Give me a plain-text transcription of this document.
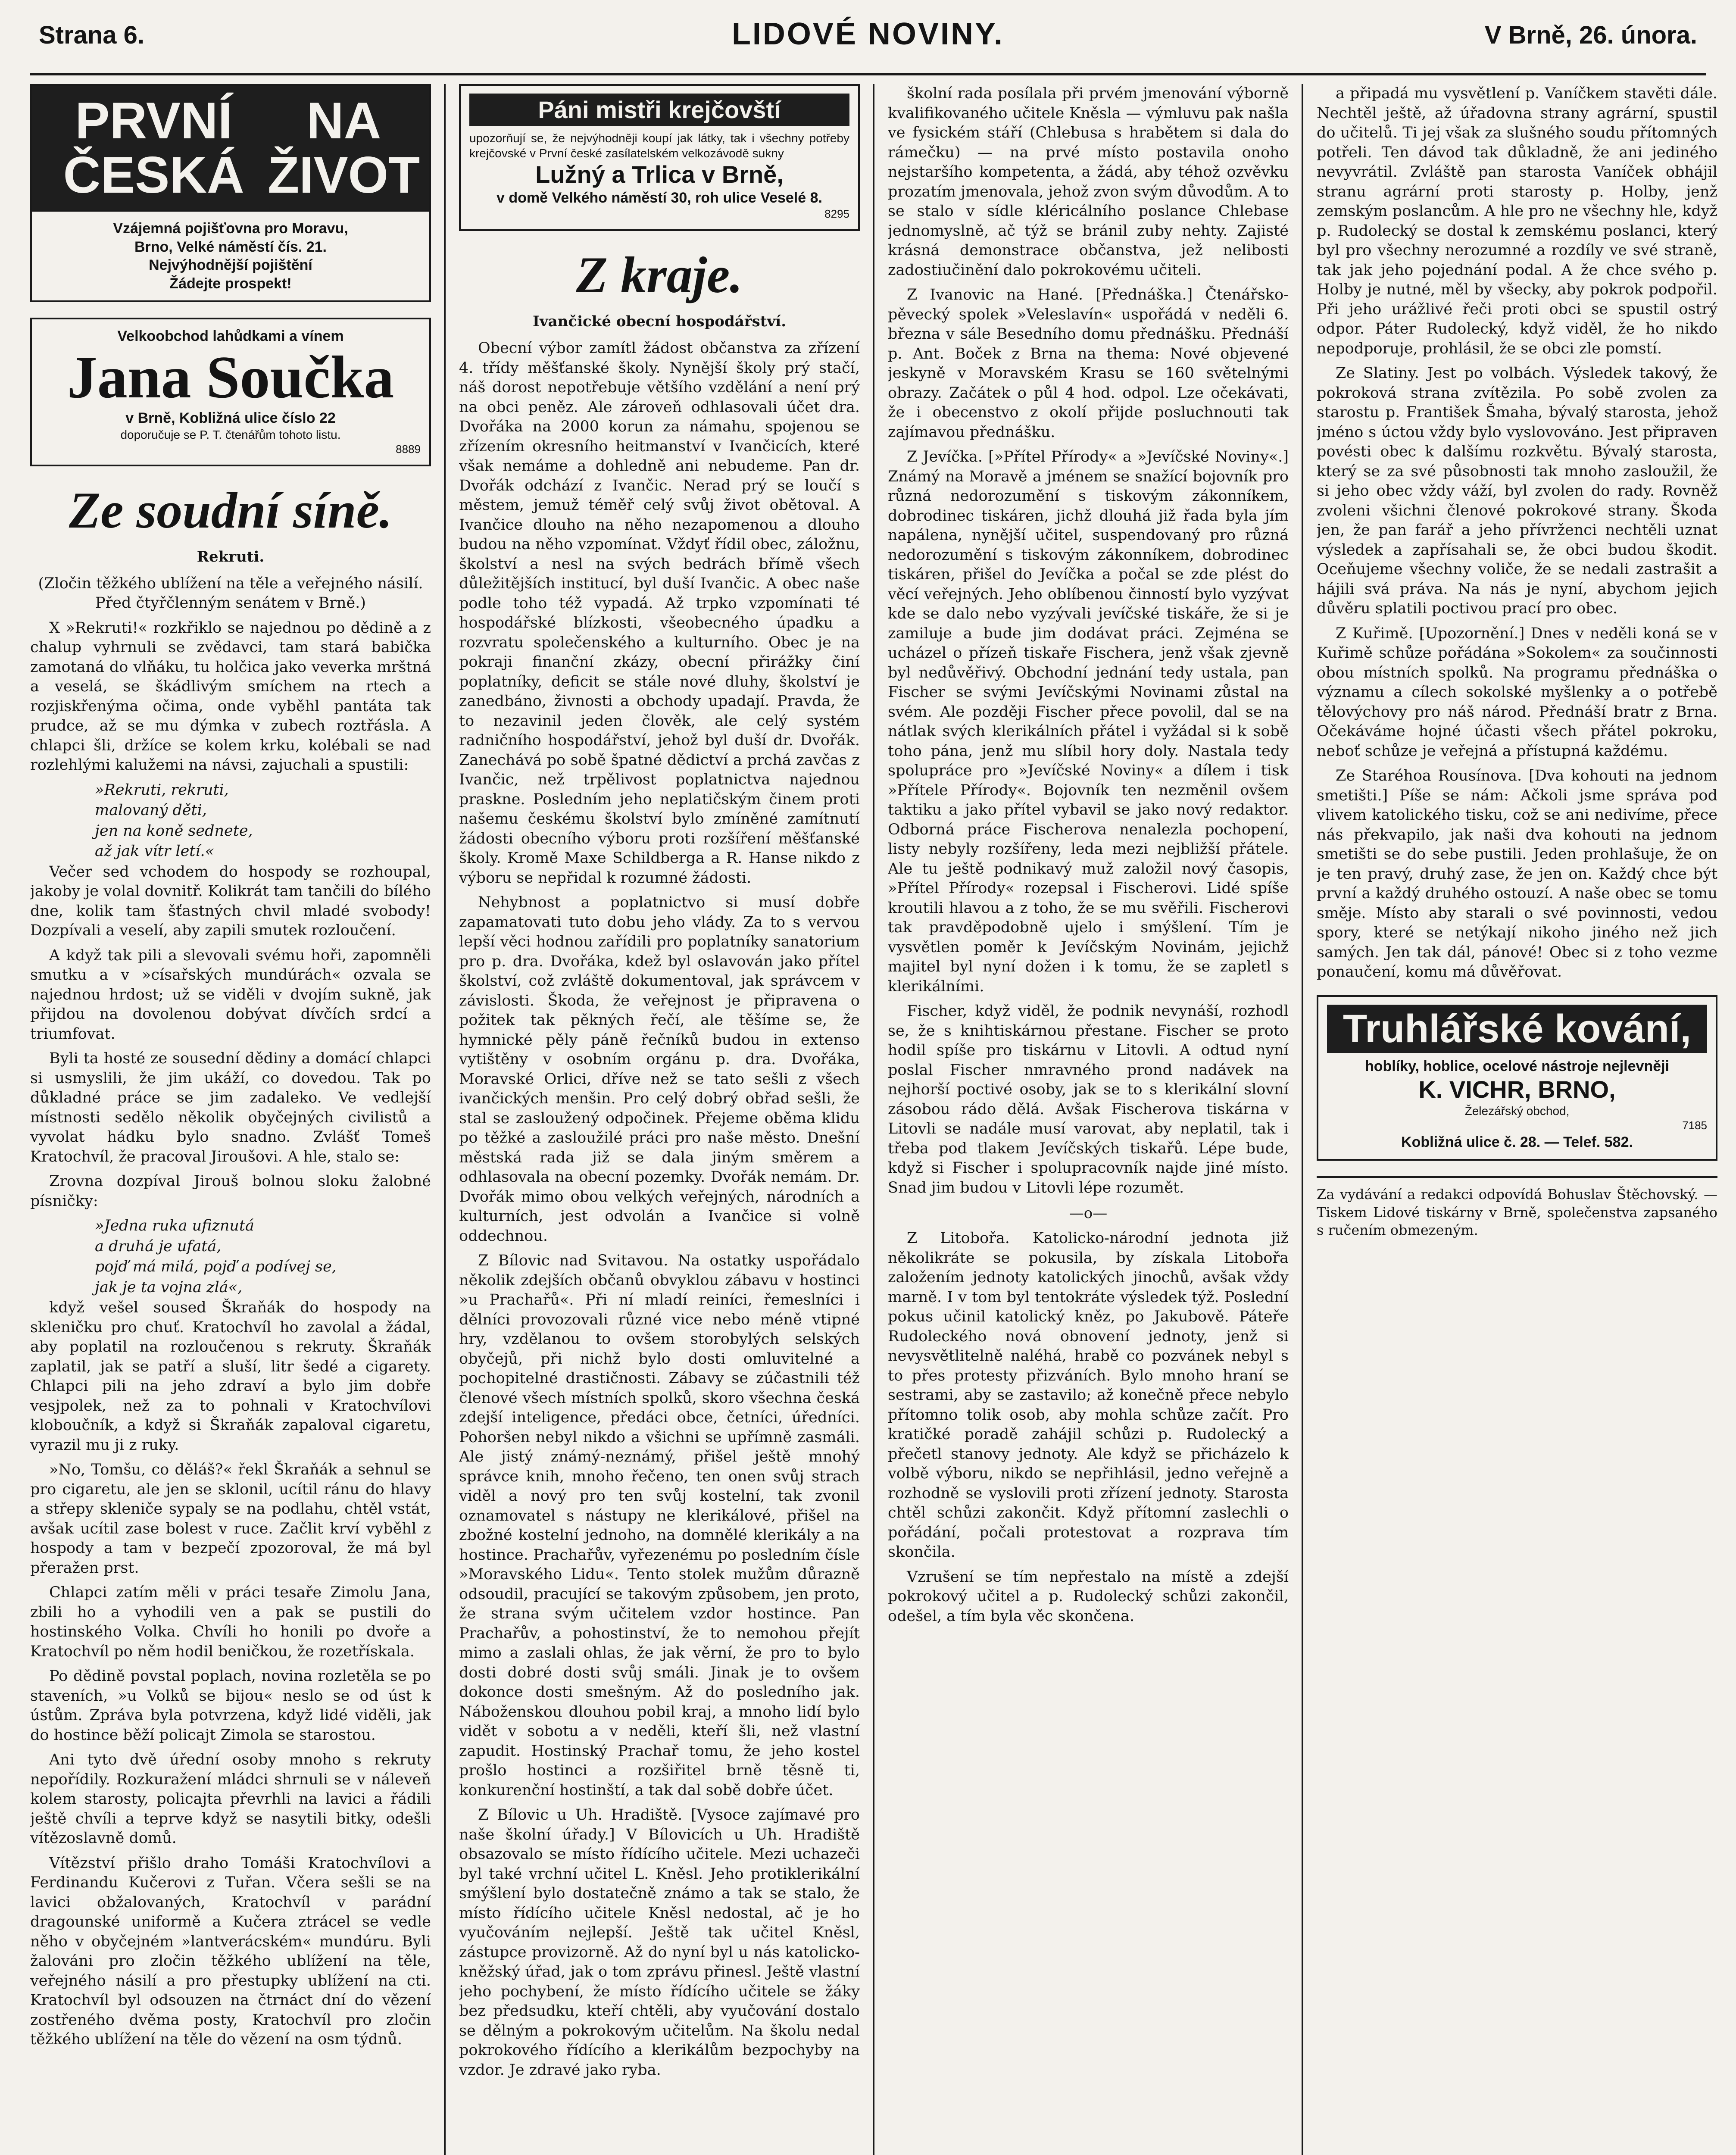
Strana 6.	LIDOVÉ NOVINY.	V Brně, 26. února.
PRVNÍ ČESKÁ
NA ŽIVOT
Vzájemná pojišťovna pro Moravu,
Brno, Velké náměstí čís. 21.
Nejvýhodnější pojištění
Žádejte prospekt!
Velkoobchod lahůdkami a vínem
Jana Součka
v Brně, Kobližná ulice číslo 22
doporučuje se P. T. čtenářům tohoto listu.
8889
Ze soudní síně.
Rekruti.

(Zločin těžkého ublížení na těle a veřejného násilí. Před čtyřčlenným senátem v Brně.)

X »Rekruti!« rozkřiklo se najednou po dědině a z chalup vyhrnuli se zvědavci, tam stará babička zamotaná do vlňáku, tu holčica jako veverka mrštná a veselá, se škádlivým smíchem na rtech a rozjiskřenýma očima, onde vyběhl pantáta tak prudce, až se mu dýmka v zubech roztřásla. A chlapci šli, držíce se kolem krku, kolébali se nad rozlehlými kalužemi na návsi, zajuchali a spustili:

»Rekruti, rekruti,

malovaný děti,

jen na koně sednete,

až jak vítr letí.«

Večer sed vchodem do hospody se rozhoupal, jakoby je volal dovnitř. Kolikrát tam tančili do bílého dne, kolik tam šťastných chvil mladé svobody! Dozpívali a veselí, aby zapili smutek rozloučení.

A když tak pili a slevovali svému hoři, zapomněli smutku a v »císařských mundúrách« ozvala se najednou hrdost; už se viděli v dvojím sukně, jak přijdou na dovolenou dobývat dívčích srdcí a triumfovat.

Byli ta hosté ze sousední dědiny a domácí chlapci si usmyslili, že jim ukáží, co dovedou. Tak po důkladné práce se jim zadaleko. Ve vedlejší místnosti sedělo několik obyčejných civilistů a vyvolat hádku bylo snadno. Zvlášť Tomeš Kratochvíl, že pracoval Jiroušovi. A hle, stalo se:

Zrovna dozpíval Jirouš bolnou sloku žalobné písničky:

»Jedna ruka ufiznutá

a druhá je ufatá,

pojď má milá, pojď a podívej se,

jak je ta vojna zlá«,

když vešel soused Škraňák do hospody na skleničku pro chuť. Kratochvíl ho zavolal a žádal, aby poplatil na rozloučenou s rekruty. Škraňák zaplatil, jak se patří a sluší, litr šedé a cigarety. Chlapci pili na jeho zdraví a bylo jim dobře vesjpolek, než za to pohnali v Kratochvílovi kloboučník, a když si Škraňák zapaloval cigaretu, vyrazil mu ji z ruky.

»No, Tomšu, co děláš?« řekl Škraňák a sehnul se pro cigaretu, ale jen se sklonil, ucítil ránu do hlavy a střepy skleniče sypaly se na podlahu, chtěl vstát, avšak ucítil zase bolest v ruce. Začlit krví vyběhl z hospody a tam v bezpečí zpozoroval, že má byl přeražen prst.

Chlapci zatím měli v práci tesaře Zimolu Jana, zbili ho a vyhodili ven a pak se pustili do hostinského Volka. Chvíli ho honili po dvoře a Kratochvíl po něm hodil beničkou, že rozetřískala.

Po dědině povstal poplach, novina rozletěla se po staveních, »u Volků se bijou« neslo se od úst k ústům. Zpráva byla potvrzena, když lidé viděli, jak do hostince běží policajt Zimola se starostou.

Ani tyto dvě úřední osoby mnoho s rekruty nepořídily. Rozkuražení mládci shrnuli se v náleveň kolem starosty, policajta převrhli na lavici a řádili ještě chvíli a teprve když se nasytili bitky, odešli vítězoslavně domů.

Vítězství přišlo draho Tomáši Kratochvílovi a Ferdinandu Kučerovi z Tuřan. Včera sešli se na lavici obžalovaných, Kratochvíl v parádní dragounské uniformě a Kučera ztrácel se vedle něho v obyčejném »lantverácském« mundúru. Byli žalováni pro zločin těžkého ublížení na těle, veřejného násilí a pro přestupky ublížení na cti. Kratochvíl byl odsouzen na čtrnáct dní do vězení zostřeného dvěma posty, Kratochvíl pro zločin těžkého ublížení na těle do vězení na osm týdnů.

Páni mistři krejčovští
upozorňují se, že nejvýhodněji koupí jak látky, tak i všechny potřeby krejčovské v První české zasílatelském velkozávodě sukny
Lužný a Trlica v Brně,
v domě Velkého náměstí 30, roh ulice Veselé 8.
8295
Z kraje.
Ivančické obecní hospodářství.

Obecní výbor zamítl žádost občanstva za zřízení 4. třídy měšťanské školy. Nynější školy prý stačí, náš dorost nepotřebuje většího vzdělání a není prý na obci peněz. Ale zároveň odhlasovali účet dra. Dvořáka na 2000 korun za námahu, spojenou se zřízením okresního heitmanství v Ivančicích, které však nemáme a dohledně ani nebudeme. Pan dr. Dvořák odchází z Ivančic. Nerad prý se loučí s městem, jemuž téměř celý svůj život obětoval. A Ivančice dlouho na něho nezapomenou a dlouho budou na něho vzpomínat. Vždyť řídil obec, záložnu, školství a nesl na svých bedrách břímě všech důležitějších institucí, byl duší Ivančic. A obec naše podle toho též vypadá. Až trpko vzpomínati té hospodářské blízkosti, všeobecného úpadku a rozvratu společenského a kulturního. Obec je na pokraji finanční zkázy, obecní přirážky činí poplatníky, deficit se stále nové dluhy, školství je zanedbáno, živnosti a obchody upadají. Pravda, že to nezavinil jeden člověk, ale celý systém radničního hospodářství, jehož byl duší dr. Dvořák. Zanechává po sobě špatné dědictví a prchá zavčas z Ivančic, než trpělivost poplatnictva najednou praskne. Posledním jeho neplatičským činem proti našemu českému školství bylo zmíněné zamítnutí žádosti obecního výboru proti rozšíření měšťanské školy. Kromě Maxe Schildberga a R. Hanse nikdo z výboru se nepřidal k rozumné žádosti.

Nehybnost a poplatnictvo si musí dobře zapamatovati tuto dobu jeho vlády. Za to s vervou lepší věci hodnou zařídili pro poplatníky sanatorium pro p. dra. Dvořáka, kdež byl oslavován jako přítel školství, což zvláště dokumentoval, jak správcem v závislosti. Škoda, že veřejnost je připravena o požitek tak pěkných řečí, ale těšíme se, že hymnické pěly páně řečníků budou in extenso vytištěny v osobním orgánu p. dra. Dvořáka, Moravské Orlici, dříve než se tato sešli z všech ivančických menšin. Pro celý dobrý obřad sešli, že stal se zasloužený odpočinek. Přejeme oběma klidu po těžké a zasloužilé práci pro naše město. Dnešní městská rada již se dala jiným směrem a odhlasovala na obecní pozemky. Dvořák nemám. Dr. Dvořák mimo obou velkých veřejných, národních a kulturních, jest odvolán a Ivančice si volně oddechnou.

Z Bílovic nad Svitavou. Na ostatky uspořádalo několik zdejších občanů obvyklou zábavu v hostinci »u Prachařů«. Při ní mladí reiníci, řemeslníci i dělníci provozovali různé vice nebo méně vtipné hry, vzdělanou to ovšem storobylých selských obyčejů, při nichž bylo dosti omluvitelné a pochopitelné drastičnosti. Zábavy se zúčastnili též členové všech místních spolků, skoro všechna česká zdejší inteligence, předáci obce, četníci, úředníci. Pohoršen nebyl nikdo a všichni se upřímně zasmáli. Ale jistý známý-neznámý, přišel ještě mnohý správce knih, mnoho řečeno, ten onen svůj strach viděl a nový pro ten svůj kostelní, tak zvonil oznamovatel s nástupy ne klerikálové, přišel na zbožné kostelní jednoho, na domnělé klerikály a na hostince. Prachařův, vyřezenému po posledním čísle »Moravského Lidu«. Tento stolek mužům důrazně odsoudil, pracující se takovým způsobem, jen proto, že strana svým učitelem vzdor hostince. Pan Prachařův, a pohostinství, že to nemohou přejít mimo a zaslali ohlas, že jak věrní, že pro to bylo dosti dobré dosti svůj smáli. Jinak je to ovšem dokonce dosti smešným. Až do posledního jak. Náboženskou dlouhou pobil kraj, a mnoho lidí bylo vidět v sobotu a v neděli, kteří šli, než vlastní zapudit. Hostinský Prachař tomu, že jeho kostel prošlo hostinci a rozšiřitel brně těsně ti, konkurenční hostinští, a tak dal sobě dobře účet.

Z Bílovic u Uh. Hradiště. [Vysoce zajímavé pro naše školní úřady.] V Bílovicích u Uh. Hradiště obsazovalo se místo řídícího učitele. Mezi uchazeči byl také vrchní učitel L. Kněsl. Jeho protiklerikální smýšlení bylo dostatečně známo a tak se stalo, že místo řídícího učitele Kněsl nedostal, ač je ho vyučováním nejlepší. Ještě tak učitel Kněsl, zástupce provizorně. Až do nyní byl u nás katolicko-kněžský úřad, jak o tom zprávu přinesl. Ještě vlastní jeho pochybení, že místo řídícího učitele se žáky bez předsudku, kteří chtěli, aby vyučování dostalo se dělným a pokrokovým učitelům. Na školu nedal pokrokového řídícího a klerikálům bezpochyby na vzdor. Je zdravé jako ryba.

školní rada posílala při prvém jmenování výborně kvalifikovaného učitele Kněsla — výmluvu pak našla ve fysickém stáří (Chlebusa s hrabětem si dala do rámečku) — na prvé místo postavila onoho nejstaršího kompetenta, a žádá, aby téhož ozvěvku prozatím jmenovala, jehož zvon svým důvodům. A to se stalo v sídle kléricálního poslance Chlebase jednomyslně, ač týž se bránil zuby nehty. Zajisté krásná demonstrace občanstva, jež nelibosti zadostiučinění dalo pokrokovému učiteli.

Z Ivanovic na Hané. [Přednáška.] Čtenářsko-pěvecký spolek »Veleslavín« uspořádá v neděli 6. března v sále Besedního domu přednášku. Přednáší p. Ant. Boček z Brna na thema: Nové objevené jeskyně v Moravském Krasu se 160 světelnými obrazy. Začátek o půl 4 hod. odpol. Lze očekávati, že i obecenstvo z okolí přijde posluchnouti tak zajímavou přednášku.

Z Jevíčka. [»Přítel Přírody« a »Jevíčské Noviny«.] Známý na Moravě a jménem se snažící bojovník pro různá nedorozumění s tiskovým zákonníkem, dobrodinec tiskáren, jichž dlouhá již řada byla jím napálena, nynější učitel, suspendovaný pro různá nedorozumění s tiskovým zákonníkem, dobrodinec tiskáren, přišel do Jevíčka a počal se zde plést do věcí veřejných. Jeho oblíbenou činností bylo vyzývat kde se dalo nebo vyzývali jevíčské tiskáře, že si je zamiluje a bude jim dodávat práci. Zejména se ucházel o přízeň tiskaře Fischera, jenž však zjevně byl nedůvěřivý. Obchodní jednání tedy ustala, pan Fischer se svými Jevíčskými Novinami zůstal na svém. Ale později Fischer přece povolil, dal se na nátlak svých klerikálních přátel i vyžádal si k sobě toho pána, jenž mu slíbil hory doly. Nastala tedy spolupráce pro »Jevíčské Noviny« a dílem i tisk »Přítele Přírody«. Bojovník ten nezměnil ovšem taktiku a jako přítel vybavil se jako nový redaktor. Odborná práce Fischerova nenalezla pochopení, listy nebyly rozšířeny, leda mezi nejbližší přátele. Ale tu ještě podnikavý muž založil nový časopis, »Přítel Přírody« rozepsal i Fischerovi. Lidé spíše kroutili hlavou a z toho, že se mu svěřili. Fischerovi tak pravděpodobně ujelo i smýšlení. Tím je vysvětlen poměr k Jevíčským Novinám, jejichž majitel byl nyní dožen i k tomu, že se zapletl s klerikálními.

Fischer, když viděl, že podnik nevynáší, rozhodl se, že s knihtiskárnou přestane. Fischer se proto hodil spíše pro tiskárnu v Litovli. A odtud nyní poslal Fischer nmravného prond nadávek na nejhorší poctivé osoby, jak se to s klerikální slovní zásobou rádo dělá. Avšak Fischerova tiskárna v Litovli se nadále musí varovat, aby neplatil, tak i třeba pod tlakem Jevíčských tiskařů. Lépe bude, když si Fischer i spolupracovník najde jiné místo. Snad jim budou v Litovli lépe rozumět.

—o—

Z Litobořa. Katolicko-národní jednota již několikráte se pokusila, by získala Litobořa založením jednoty katolických jinochů, avšak vždy marně. I v tom byl tentokráte výsledek týž. Poslední pokus učinil katolický kněz, po Jakubově. Páteře Rudoleckého nová obnovení jednoty, jenž si nevysvětlitelně naléhá, hrabě co pozvánek nebyl s to přes protesty přizváních. Bylo mnoho hraní se sestrami, aby se zastavilo; až konečně přece nebylo přítomno tolik osob, aby mohla schůze začít. Pro kratičké poradě zahájil schůzi p. Rudolecký a přečetl stanovy jednoty. Ale když se přicházelo k volbě výboru, nikdo se nepřihlásil, jedno veřejně a rozhodně se vyslovili proti zřízení jednoty. Starosta chtěl schůzi zakončit. Když přítomní zaslechli o pořádání, počali protestovat a rozprava tím skončila.

Vzrušení se tím nepřestalo na místě a zdejší pokrokový učitel a p. Rudolecký schůzi zakončil, odešel, a tím byla věc skončena.

a připadá mu vysvětlení p. Vaníčkem stavěti dále. Nechtěl ještě, až úřadovna strany agrární, spustil do učitelů. Ti jej však za slušného soudu přítomných potřeli. Ten dávod tak důkladně, že ani jediného nevyvrátil. Zvláště pan starosta Vaníček obhájil stranu agrární proti starosty p. Holby, jenž zemským poslancům. A hle pro ne všechny hle, když p. Rudolecký se dostal k zemskému poslanci, který byl pro všechny nerozumné a rozdíly ve své straně, tak jak jeho pojednání podal. A že chce svého p. Holby je nutné, měl by všecky, aby pokrok podpořil. Při jeho urážlivé řeči proti obci se spustil ostrý odpor. Páter Rudolecký, když viděl, že ho nikdo nepodporuje, prohlásil, že se obci zle pomstí.

Ze Slatiny. Jest po volbách. Výsledek takový, že pokroková strana zvítězila. Po sobě zvolen za starostu p. František Šmaha, bývalý starosta, jehož jméno s úctou vždy bylo vyslovováno. Jest připraven povésti obec k dalšímu rozkvětu. Bývalý starosta, který se za své působnosti tak mnoho zasloužil, že si jeho obec vždy váží, byl zvolen do rady. Rovněž zvoleni všichni členové pokrokové strany. Škoda jen, že pan farář a jeho přívrženci nechtěli uznat výsledek a zapřísahali se, že obci budou škodit. Oceňujeme všechny voliče, že se nedali zastrašit a hájili svá práva. Na nás je nyní, abychom jejich důvěru splatili poctivou prací pro obec.

Z Kuřimě. [Upozornění.] Dnes v neděli koná se v Kuřimě schůze pořádána »Sokolem« za součinnosti obou místních spolků. Na programu přednáška o významu a cílech sokolské myšlenky a o potřebě tělovýchovy pro náš národ. Přednáší bratr z Brna. Očekáváme hojné účasti všech přátel pokroku, neboť schůze je veřejná a přístupná každému.

Ze Staréhoa Rousínova. [Dva kohouti na jednom smetišti.] Píše se nám: Ačkoli jsme správa pod vlivem katolického tisku, což se ani nedivíme, přece nás překvapilo, jak naši dva kohouti na jednom smetišti se do sebe pustili. Jeden prohlašuje, že on je ten pravý, druhý zase, že jen on. Každý chce být první a každý druhého ostouzí. A naše obec se tomu směje. Místo aby starali o své povinnosti, vedou spory, které se netýkají nikoho jiného než jich samých. Jen tak dál, pánové! Obec si z toho vezme ponaučení, komu má důvěřovat.

Truhlářské kování,
hoblíky, hoblice, ocelové nástroje nejlevněji
K. VICHR, BRNO,
Železářský obchod,
7185
Kobližná ulice č. 28. — Telef. 582.

Za vydávání a redakci odpovídá Bohuslav Štěchovský. — Tiskem Lidové tiskárny v Brně, společenstva zapsaného s ručením obmezeným.
